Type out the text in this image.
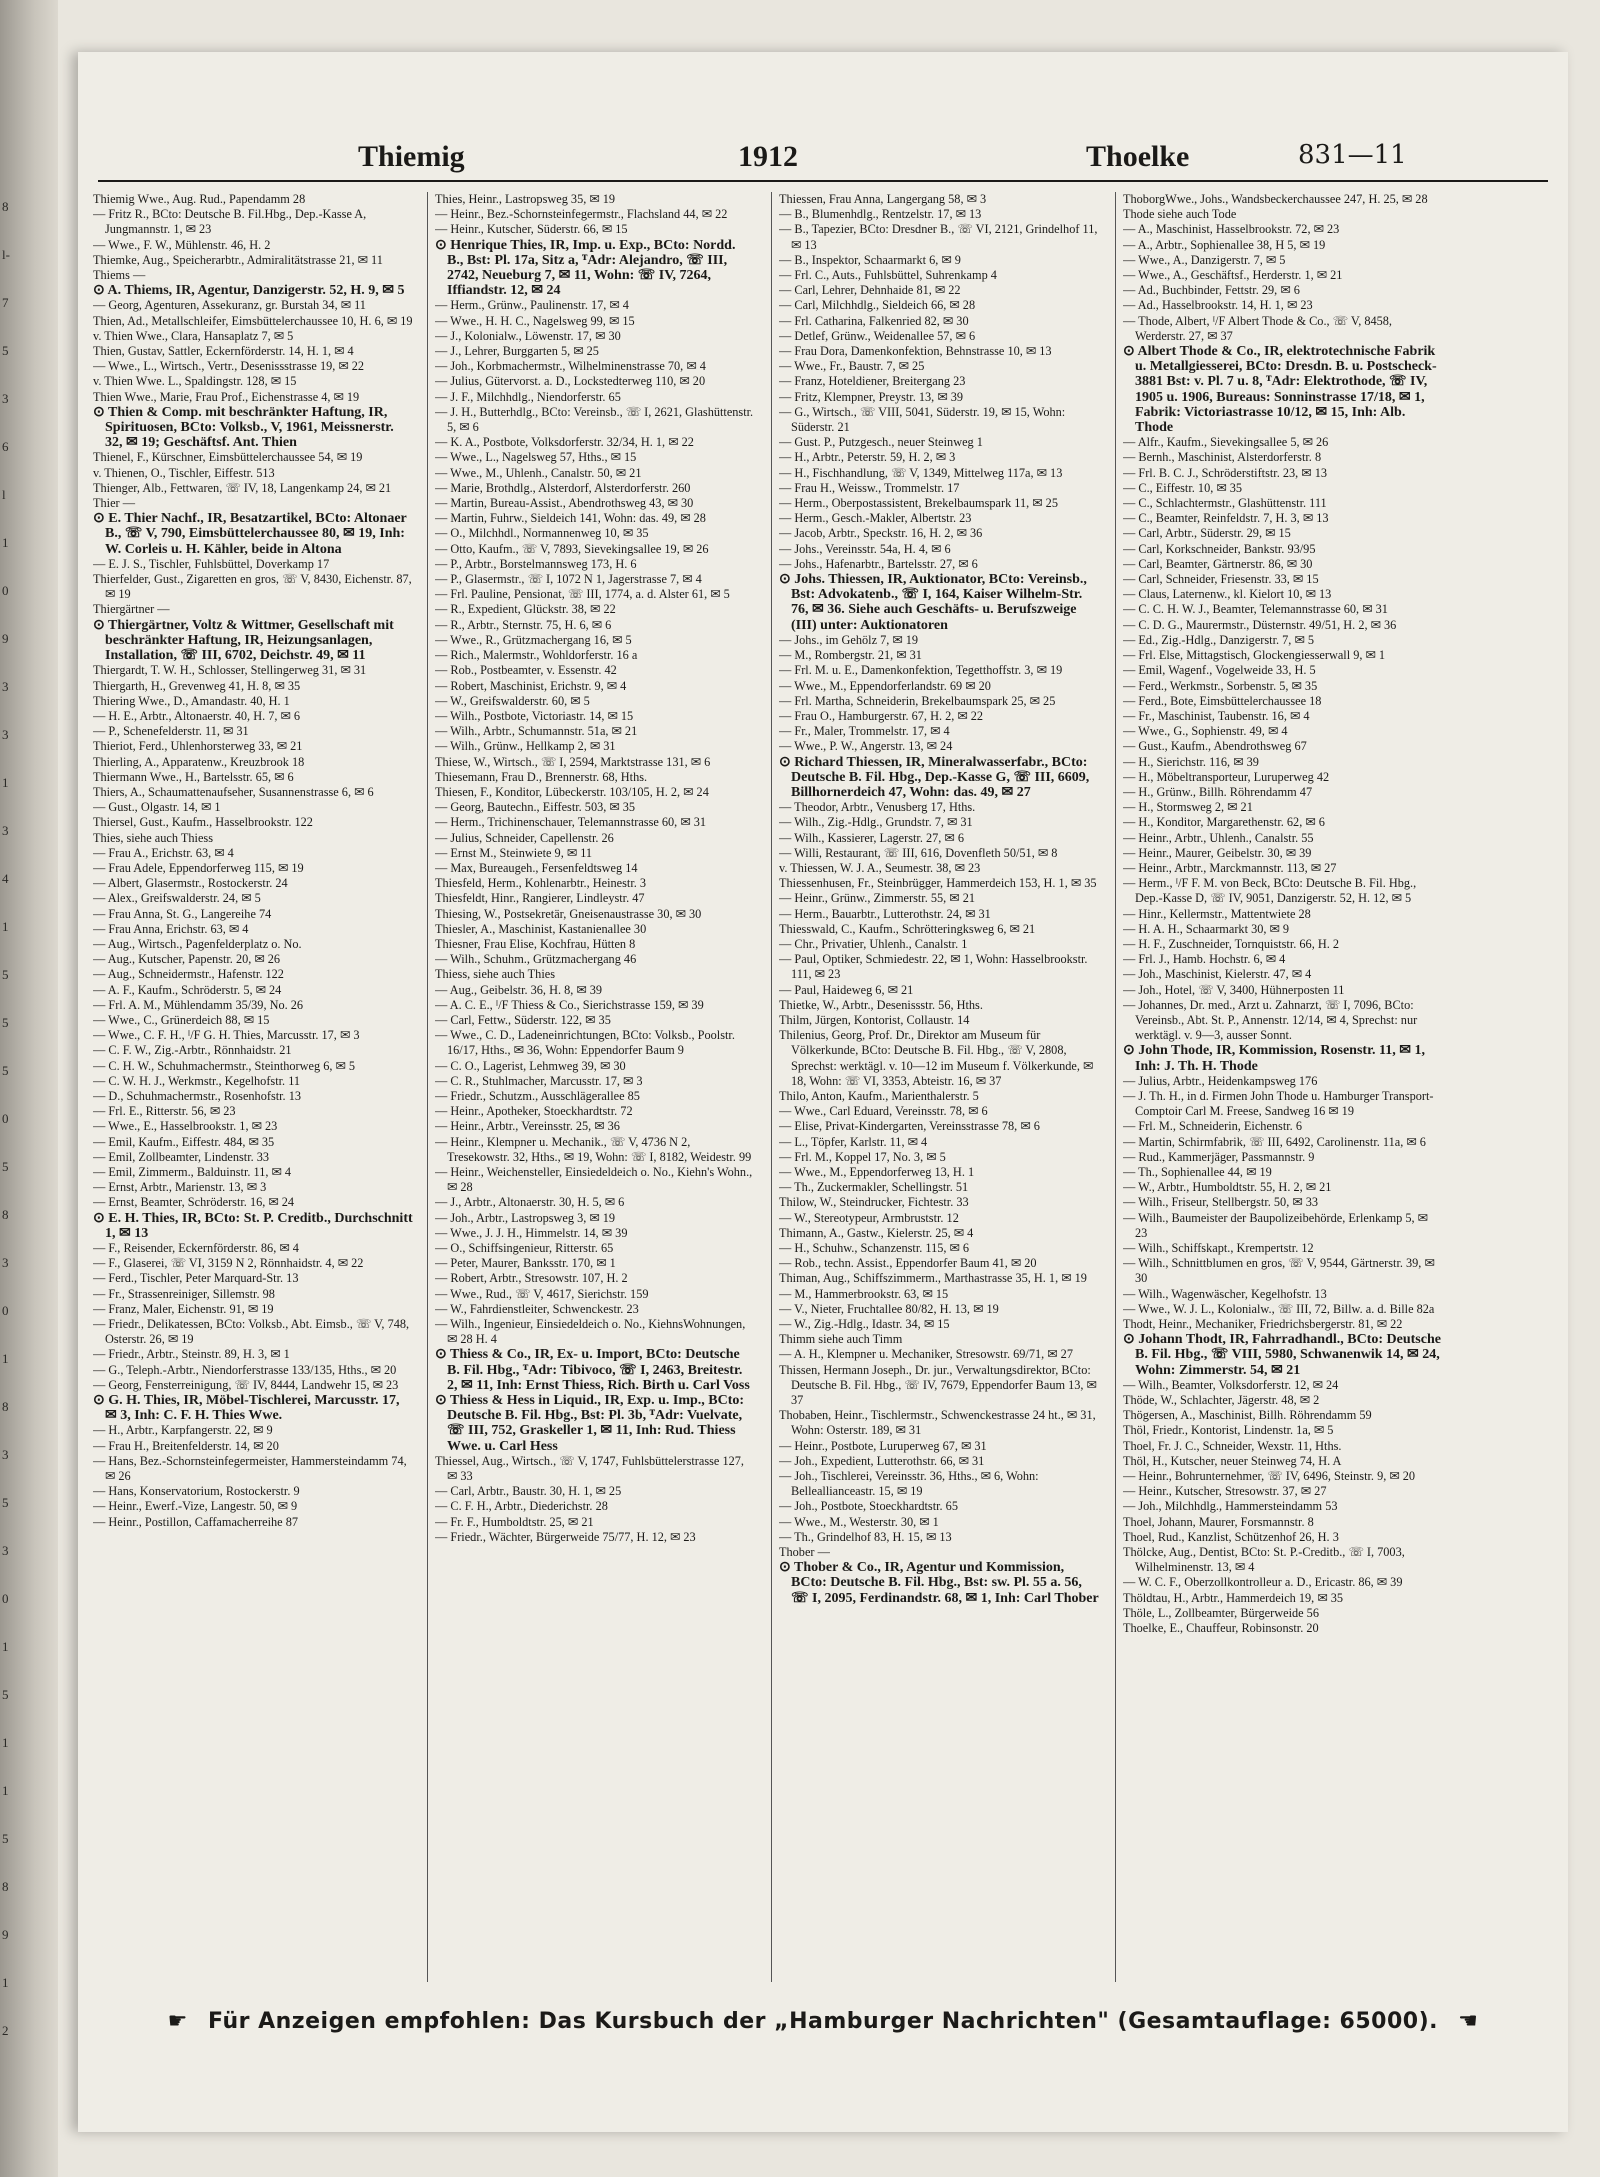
8
l-
7
5
3
6
l
1
0
9
3
3
1
3
4
1
5
5
5
0
5
8
3
0
1
8
3
5
3
0
1
5
1
1
5
8
9
1
2
Thiemig	1912	Thoelke	831—11

Thiemig Wwe., Aug. Rud., Papendamm 28

— Fritz R., BCto: Deutsche B. Fil.Hbg., Dep.-Kasse A, Jungmannstr. 1, ✉ 23

— Wwe., F. W., Mühlenstr. 46, H. 2

Thiemke, Aug., Speicherarbtr., Admiralitätstrasse 21, ✉ 11

Thiems —

⊙ A. Thiems, IR, Agentur, Danzigerstr. 52, H. 9, ✉ 5

— Georg, Agenturen, Assekuranz, gr. Burstah 34, ✉ 11

Thien, Ad., Metallschleifer, Eimsbüttelerchaussee 10, H. 6, ✉ 19

v. Thien Wwe., Clara, Hansaplatz 7, ✉ 5

Thien, Gustav, Sattler, Eckernförderstr. 14, H. 1, ✉ 4

— Wwe., L., Wirtsch., Vertr., Desenissstrasse 19, ✉ 22

v. Thien Wwe. L., Spaldingstr. 128, ✉ 15

Thien Wwe., Marie, Frau Prof., Eichenstrasse 4, ✉ 19

⊙ Thien & Comp. mit beschränkter Haftung, IR, Spirituosen, BCto: Volksb., V, 1961, Meissnerstr. 32, ✉ 19; Geschäftsf. Ant. Thien

Thienel, F., Kürschner, Eimsbüttelerchaussee 54, ✉ 19

v. Thienen, O., Tischler, Eiffestr. 513

Thienger, Alb., Fettwaren, ☏ IV, 18, Langenkamp 24, ✉ 21

Thier —

⊙ E. Thier Nachf., IR, Besatzartikel, BCto: Altonaer B., ☏ V, 790, Eimsbüttelerchaussee 80, ✉ 19, Inh: W. Corleis u. H. Kähler, beide in Altona

— E. J. S., Tischler, Fuhlsbüttel, Doverkamp 17

Thierfelder, Gust., Zigaretten en gros, ☏ V, 8430, Eichenstr. 87, ✉ 19

Thiergärtner —

⊙ Thiergärtner, Voltz & Wittmer, Gesellschaft mit beschränkter Haftung, IR, Heizungsanlagen, Installation, ☏ III, 6702, Deichstr. 49, ✉ 11

Thiergardt, T. W. H., Schlosser, Stellingerweg 31, ✉ 31

Thiergarth, H., Grevenweg 41, H. 8, ✉ 35

Thiering Wwe., D., Amandastr. 40, H. 1

— H. E., Arbtr., Altonaerstr. 40, H. 7, ✉ 6

— P., Schenefelderstr. 11, ✉ 31

Thieriot, Ferd., Uhlenhorsterweg 33, ✉ 21

Thierling, A., Apparatenw., Kreuzbrook 18

Thiermann Wwe., H., Bartelsstr. 65, ✉ 6

Thiers, A., Schaumattenaufseher, Susannenstrasse 6, ✉ 6

— Gust., Olgastr. 14, ✉ 1

Thiersel, Gust., Kaufm., Hasselbrookstr. 122

Thies, siehe auch Thiess

— Frau A., Erichstr. 63, ✉ 4

— Frau Adele, Eppendorferweg 115, ✉ 19

— Albert, Glasermstr., Rostockerstr. 24

— Alex., Greifswalderstr. 24, ✉ 5

— Frau Anna, St. G., Langereihe 74

— Frau Anna, Erichstr. 63, ✉ 4

— Aug., Wirtsch., Pagenfelderplatz o. No.

— Aug., Kutscher, Papenstr. 20, ✉ 26

— Aug., Schneidermstr., Hafenstr. 122

— A. F., Kaufm., Schröderstr. 5, ✉ 24

— Frl. A. M., Mühlendamm 35/39, No. 26

— Wwe., C., Grünerdeich 88, ✉ 15

— Wwe., C. F. H., ᴵ/F G. H. Thies, Marcusstr. 17, ✉ 3

— C. F. W., Zig.-Arbtr., Rönnhaidstr. 21

— C. H. W., Schuhmachermstr., Steinthorweg 6, ✉ 5

— C. W. H. J., Werkmstr., Kegelhofstr. 11

— D., Schuhmachermstr., Rosenhofstr. 13

— Frl. E., Ritterstr. 56, ✉ 23

— Wwe., E., Hasselbrookstr. 1, ✉ 23

— Emil, Kaufm., Eiffestr. 484, ✉ 35

— Emil, Zollbeamter, Lindenstr. 33

— Emil, Zimmerm., Balduinstr. 11, ✉ 4

— Ernst, Arbtr., Marienstr. 13, ✉ 3

— Ernst, Beamter, Schröderstr. 16, ✉ 24

⊙ E. H. Thies, IR, BCto: St. P. Creditb., Durchschnitt 1, ✉ 13

— F., Reisender, Eckernförderstr. 86, ✉ 4

— F., Glaserei, ☏ VI, 3159 N 2, Rönnhaidstr. 4, ✉ 22

— Ferd., Tischler, Peter Marquard-Str. 13

— Fr., Strassenreiniger, Sillemstr. 98

— Franz, Maler, Eichenstr. 91, ✉ 19

— Friedr., Delikatessen, BCto: Volksb., Abt. Eimsb., ☏ V, 748, Osterstr. 26, ✉ 19

— Friedr., Arbtr., Steinstr. 89, H. 3, ✉ 1

— G., Teleph.-Arbtr., Niendorferstrasse 133/135, Hths., ✉ 20

— Georg, Fensterreinigung, ☏ IV, 8444, Landwehr 15, ✉ 23

⊙ G. H. Thies, IR, Möbel-Tischlerei, Marcusstr. 17, ✉ 3, Inh: C. F. H. Thies Wwe.

— H., Arbtr., Karpfangerstr. 22, ✉ 9

— Frau H., Breitenfelderstr. 14, ✉ 20

— Hans, Bez.-Schornsteinfegermeister, Hammersteindamm 74, ✉ 26

— Hans, Konservatorium, Rostockerstr. 9

— Heinr., Ewerf.-Vize, Langestr. 50, ✉ 9

— Heinr., Postillon, Caffamacherreihe 87

Thies, Heinr., Lastropsweg 35, ✉ 19

— Heinr., Bez.-Schornsteinfegermstr., Flachsland 44, ✉ 22

— Heinr., Kutscher, Süderstr. 66, ✉ 15

⊙ Henrique Thies, IR, Imp. u. Exp., BCto: Nordd. B., Bst: Pl. 17a, Sitz a, ᵀAdr: Alejandro, ☏ III, 2742, Neueburg 7, ✉ 11, Wohn: ☏ IV, 7264, Iffiandstr. 12, ✉ 24

— Herm., Grünw., Paulinenstr. 17, ✉ 4

— Wwe., H. H. C., Nagelsweg 99, ✉ 15

— J., Kolonialw., Löwenstr. 17, ✉ 30

— J., Lehrer, Burggarten 5, ✉ 25

— Joh., Korbmachermstr., Wilhelminenstrasse 70, ✉ 4

— Julius, Gütervorst. a. D., Lockstedterweg 110, ✉ 20

— J. F., Milchhdlg., Niendorferstr. 65

— J. H., Butterhdlg., BCto: Vereinsb., ☏ I, 2621, Glashüttenstr. 5, ✉ 6

— K. A., Postbote, Volksdorferstr. 32/34, H. 1, ✉ 22

— Wwe., L., Nagelsweg 57, Hths., ✉ 15

— Wwe., M., Uhlenh., Canalstr. 50, ✉ 21

— Marie, Brothdlg., Alsterdorf, Alsterdorferstr. 260

— Martin, Bureau-Assist., Abendrothsweg 43, ✉ 30

— Martin, Fuhrw., Sieldeich 141, Wohn: das. 49, ✉ 28

— O., Milchhdl., Normannenweg 10, ✉ 35

— Otto, Kaufm., ☏ V, 7893, Sievekingsallee 19, ✉ 26

— P., Arbtr., Borstelmannsweg 173, H. 6

— P., Glasermstr., ☏ I, 1072 N 1, Jagerstrasse 7, ✉ 4

— Frl. Pauline, Pensionat, ☏ III, 1774, a. d. Alster 61, ✉ 5

— R., Expedient, Glückstr. 38, ✉ 22

— R., Arbtr., Sternstr. 75, H. 6, ✉ 6

— Wwe., R., Grützmachergang 16, ✉ 5

— Rich., Malermstr., Wohldorferstr. 16 a

— Rob., Postbeamter, v. Essenstr. 42

— Robert, Maschinist, Erichstr. 9, ✉ 4

— W., Greifswalderstr. 60, ✉ 5

— Wilh., Postbote, Victoriastr. 14, ✉ 15

— Wilh., Arbtr., Schumannstr. 51a, ✉ 21

— Wilh., Grünw., Hellkamp 2, ✉ 31

Thiese, W., Wirtsch., ☏ I, 2594, Marktstrasse 131, ✉ 6

Thiesemann, Frau D., Brennerstr. 68, Hths.

Thiesen, F., Konditor, Lübeckerstr. 103/105, H. 2, ✉ 24

— Georg, Bautechn., Eiffestr. 503, ✉ 35

— Herm., Trichinenschauer, Telemannstrasse 60, ✉ 31

— Julius, Schneider, Capellenstr. 26

— Ernst M., Steinwiete 9, ✉ 11

— Max, Bureaugeh., Fersenfeldtsweg 14

Thiesfeld, Herm., Kohlenarbtr., Heinestr. 3

Thiesfeldt, Hinr., Rangierer, Lindleystr. 47

Thiesing, W., Postsekretär, Gneisenaustrasse 30, ✉ 30

Thiesler, A., Maschinist, Kastanienallee 30

Thiesner, Frau Elise, Kochfrau, Hütten 8

— Wilh., Schuhm., Grützmachergang 46

Thiess, siehe auch Thies

— Aug., Geibelstr. 36, H. 8, ✉ 39

— A. C. E., ᴵ/F Thiess & Co., Sierichstrasse 159, ✉ 39

— Carl, Fettw., Süderstr. 122, ✉ 35

— Wwe., C. D., Ladeneinrichtungen, BCto: Volksb., Poolstr. 16/17, Hths., ✉ 36, Wohn: Eppendorfer Baum 9

— C. O., Lagerist, Lehmweg 39, ✉ 30

— C. R., Stuhlmacher, Marcusstr. 17, ✉ 3

— Friedr., Schutzm., Ausschlägerallee 85

— Heinr., Apotheker, Stoeckhardtstr. 72

— Heinr., Arbtr., Vereinsstr. 25, ✉ 36

— Heinr., Klempner u. Mechanik., ☏ V, 4736 N 2, Tresekowstr. 32, Hths., ✉ 19, Wohn: ☏ I, 8182, Weidestr. 99

— Heinr., Weichensteller, Einsiedeldeich o. No., Kiehn's Wohn., ✉ 28

— J., Arbtr., Altonaerstr. 30, H. 5, ✉ 6

— Joh., Arbtr., Lastropsweg 3, ✉ 19

— Wwe., J. J. H., Himmelstr. 14, ✉ 39

— O., Schiffsingenieur, Ritterstr. 65

— Peter, Maurer, Banksstr. 170, ✉ 1

— Robert, Arbtr., Stresowstr. 107, H. 2

— Wwe., Rud., ☏ V, 4617, Sierichstr. 159

— W., Fahrdienstleiter, Schwenckestr. 23

— Wilh., Ingenieur, Einsiedeldeich o. No., KiehnsWohnungen, ✉ 28 H. 4

⊙ Thiess & Co., IR, Ex- u. Import, BCto: Deutsche B. Fil. Hbg., ᵀAdr: Tibivoco, ☏ I, 2463, Breitestr. 2, ✉ 11, Inh: Ernst Thiess, Rich. Birth u. Carl Voss

⊙ Thiess & Hess in Liquid., IR, Exp. u. Imp., BCto: Deutsche B. Fil. Hbg., Bst: Pl. 3b, ᵀAdr: Vuelvate, ☏ III, 752, Graskeller 1, ✉ 11, Inh: Rud. Thiess Wwe. u. Carl Hess

Thiessel, Aug., Wirtsch., ☏ V, 1747, Fuhlsbüttelerstrasse 127, ✉ 33

— Carl, Arbtr., Baustr. 30, H. 1, ✉ 25

— C. F. H., Arbtr., Diederichstr. 28

— Fr. F., Humboldtstr. 25, ✉ 21

— Friedr., Wächter, Bürgerweide 75/77, H. 12, ✉ 23

Thiessen, Frau Anna, Langergang 58, ✉ 3

— B., Blumenhdlg., Rentzelstr. 17, ✉ 13

— B., Tapezier, BCto: Dresdner B., ☏ VI, 2121, Grindelhof 11, ✉ 13

— B., Inspektor, Schaarmarkt 6, ✉ 9

— Frl. C., Auts., Fuhlsbüttel, Suhrenkamp 4

— Carl, Lehrer, Dehnhaide 81, ✉ 22

— Carl, Milchhdlg., Sieldeich 66, ✉ 28

— Frl. Catharina, Falkenried 82, ✉ 30

— Detlef, Grünw., Weidenallee 57, ✉ 6

— Frau Dora, Damenkonfektion, Behnstrasse 10, ✉ 13

— Wwe., Fr., Baustr. 7, ✉ 25

— Franz, Hoteldiener, Breitergang 23

— Fritz, Klempner, Preystr. 13, ✉ 39

— G., Wirtsch., ☏ VIII, 5041, Süderstr. 19, ✉ 15, Wohn: Süderstr. 21

— Gust. P., Putzgesch., neuer Steinweg 1

— H., Arbtr., Peterstr. 59, H. 2, ✉ 3

— H., Fischhandlung, ☏ V, 1349, Mittelweg 117a, ✉ 13

— Frau H., Weissw., Trommelstr. 17

— Herm., Oberpostassistent, Brekelbaumspark 11, ✉ 25

— Herm., Gesch.-Makler, Albertstr. 23

— Jacob, Arbtr., Speckstr. 16, H. 2, ✉ 36

— Johs., Vereinsstr. 54a, H. 4, ✉ 6

— Johs., Hafenarbtr., Bartelsstr. 27, ✉ 6

⊙ Johs. Thiessen, IR, Auktionator, BCto: Vereinsb., Bst: Advokatenb., ☏ I, 164, Kaiser Wilhelm-Str. 76, ✉ 36. Siehe auch Geschäfts- u. Berufszweige (III) unter: Auktionatoren

— Johs., im Gehölz 7, ✉ 19

— M., Rombergstr. 21, ✉ 31

— Frl. M. u. E., Damenkonfektion, Tegetthoffstr. 3, ✉ 19

— Wwe., M., Eppendorferlandstr. 69 ✉ 20

— Frl. Martha, Schneiderin, Brekelbaumspark 25, ✉ 25

— Frau O., Hamburgerstr. 67, H. 2, ✉ 22

— Fr., Maler, Trommelstr. 17, ✉ 4

— Wwe., P. W., Angerstr. 13, ✉ 24

⊙ Richard Thiessen, IR, Mineralwasserfabr., BCto: Deutsche B. Fil. Hbg., Dep.-Kasse G, ☏ III, 6609, Billhornerdeich 47, Wohn: das. 49, ✉ 27

— Theodor, Arbtr., Venusberg 17, Hths.

— Wilh., Zig.-Hdlg., Grundstr. 7, ✉ 31

— Wilh., Kassierer, Lagerstr. 27, ✉ 6

— Willi, Restaurant, ☏ III, 616, Dovenfleth 50/51, ✉ 8

v. Thiessen, W. J. A., Seumestr. 38, ✉ 23

Thiessenhusen, Fr., Steinbrügger, Hammerdeich 153, H. 1, ✉ 35

— Heinr., Grünw., Zimmerstr. 55, ✉ 21

— Herm., Bauarbtr., Lutterothstr. 24, ✉ 31

Thiesswald, C., Kaufm., Schrötteringksweg 6, ✉ 21

— Chr., Privatier, Uhlenh., Canalstr. 1

— Paul, Optiker, Schmiedestr. 22, ✉ 1, Wohn: Hasselbrookstr. 111, ✉ 23

— Paul, Haideweg 6, ✉ 21

Thietke, W., Arbtr., Desenissstr. 56, Hths.

Thilm, Jürgen, Kontorist, Collaustr. 14

Thilenius, Georg, Prof. Dr., Direktor am Museum für Völkerkunde, BCto: Deutsche B. Fil. Hbg., ☏ V, 2808, Sprechst: werktägl. v. 10—12 im Museum f. Völkerkunde, ✉ 18, Wohn: ☏ VI, 3353, Abteistr. 16, ✉ 37

Thilo, Anton, Kaufm., Marienthalerstr. 5

— Wwe., Carl Eduard, Vereinsstr. 78, ✉ 6

— Elise, Privat-Kindergarten, Vereinsstrasse 78, ✉ 6

— L., Töpfer, Karlstr. 11, ✉ 4

— Frl. M., Koppel 17, No. 3, ✉ 5

— Wwe., M., Eppendorferweg 13, H. 1

— Th., Zuckermakler, Schellingstr. 51

Thilow, W., Steindrucker, Fichtestr. 33

— W., Stereotypeur, Armbruststr. 12

Thimann, A., Gastw., Kielerstr. 25, ✉ 4

— H., Schuhw., Schanzenstr. 115, ✉ 6

— Rob., techn. Assist., Eppendorfer Baum 41, ✉ 20

Thiman, Aug., Schiffszimmerm., Marthastrasse 35, H. 1, ✉ 19

— M., Hammerbrookstr. 63, ✉ 15

— V., Nieter, Fruchtallee 80/82, H. 13, ✉ 19

— W., Zig.-Hdlg., Idastr. 34, ✉ 15

Thimm siehe auch Timm

— A. H., Klempner u. Mechaniker, Stresowstr. 69/71, ✉ 27

Thissen, Hermann Joseph., Dr. jur., Verwaltungsdirektor, BCto: Deutsche B. Fil. Hbg., ☏ IV, 7679, Eppendorfer Baum 13, ✉ 37

Thobaben, Heinr., Tischlermstr., Schwenckestrasse 24 ht., ✉ 31, Wohn: Osterstr. 189, ✉ 31

— Heinr., Postbote, Luruperweg 67, ✉ 31

— Joh., Expedient, Lutterothstr. 66, ✉ 31

— Joh., Tischlerei, Vereinsstr. 36, Hths., ✉ 6, Wohn: Belleallianceastr. 15, ✉ 19

— Joh., Postbote, Stoeckhardtstr. 65

— Wwe., M., Westerstr. 30, ✉ 1

— Th., Grindelhof 83, H. 15, ✉ 13

Thober —

⊙ Thober & Co., IR, Agentur und Kommission, BCto: Deutsche B. Fil. Hbg., Bst: sw. Pl. 55 a. 56, ☏ I, 2095, Ferdinandstr. 68, ✉ 1, Inh: Carl Thober

ThoborgWwe., Johs., Wandsbeckerchaussee 247, H. 25, ✉ 28

Thode siehe auch Tode

— A., Maschinist, Hasselbrookstr. 72, ✉ 23

— A., Arbtr., Sophienallee 38, H 5, ✉ 19

— Wwe., A., Danzigerstr. 7, ✉ 5

— Wwe., A., Geschäftsf., Herderstr. 1, ✉ 21

— Ad., Buchbinder, Fettstr. 29, ✉ 6

— Ad., Hasselbrookstr. 14, H. 1, ✉ 23

— Thode, Albert, ᴵ/F Albert Thode & Co., ☏ V, 8458, Werderstr. 27, ✉ 37

⊙ Albert Thode & Co., IR, elektrotechnische Fabrik u. Metallgiesserei, BCto: Dresdn. B. u. Postscheck- 3881 Bst: v. Pl. 7 u. 8, ᵀAdr: Elektrothode, ☏ IV, 1905 u. 1906, Bureaus: Sonninstrasse 17/18, ✉ 1, Fabrik: Victoriastrasse 10/12, ✉ 15, Inh: Alb. Thode

— Alfr., Kaufm., Sievekingsallee 5, ✉ 26

— Bernh., Maschinist, Alsterdorferstr. 8

— Frl. B. C. J., Schröderstiftstr. 23, ✉ 13

— C., Eiffestr. 10, ✉ 35

— C., Schlachtermstr., Glashüttenstr. 111

— C., Beamter, Reinfeldstr. 7, H. 3, ✉ 13

— Carl, Arbtr., Süderstr. 29, ✉ 15

— Carl, Korkschneider, Bankstr. 93/95

— Carl, Beamter, Gärtnerstr. 86, ✉ 30

— Carl, Schneider, Friesenstr. 33, ✉ 15

— Claus, Laternenw., kl. Kielort 10, ✉ 13

— C. C. H. W. J., Beamter, Telemannstrasse 60, ✉ 31

— C. D. G., Maurermstr., Düsternstr. 49/51, H. 2, ✉ 36

— Ed., Zig.-Hdlg., Danzigerstr. 7, ✉ 5

— Frl. Else, Mittagstisch, Glockengiesserwall 9, ✉ 1

— Emil, Wagenf., Vogelweide 33, H. 5

— Ferd., Werkmstr., Sorbenstr. 5, ✉ 35

— Ferd., Bote, Eimsbüttelerchaussee 18

— Fr., Maschinist, Taubenstr. 16, ✉ 4

— Wwe., G., Sophienstr. 49, ✉ 4

— Gust., Kaufm., Abendrothsweg 67

— H., Sierichstr. 116, ✉ 39

— H., Möbeltransporteur, Luruperweg 42

— H., Grünw., Billh. Röhrendamm 47

— H., Stormsweg 2, ✉ 21

— H., Konditor, Margarethenstr. 62, ✉ 6

— Heinr., Arbtr., Uhlenh., Canalstr. 55

— Heinr., Maurer, Geibelstr. 30, ✉ 39

— Heinr., Arbtr., Marckmannstr. 113, ✉ 27

— Herm., ᴵ/F F. M. von Beck, BCto: Deutsche B. Fil. Hbg., Dep.-Kasse D, ☏ IV, 9051, Danzigerstr. 52, H. 12, ✉ 5

— Hinr., Kellermstr., Mattentwiete 28

— H. A. H., Schaarmarkt 30, ✉ 9

— H. F., Zuschneider, Tornquiststr. 66, H. 2

— Frl. J., Hamb. Hochstr. 6, ✉ 4

— Joh., Maschinist, Kielerstr. 47, ✉ 4

— Joh., Hotel, ☏ V, 3400, Hühnerposten 11

— Johannes, Dr. med., Arzt u. Zahnarzt, ☏ I, 7096, BCto: Vereinsb., Abt. St. P., Annenstr. 12/14, ✉ 4, Sprechst: nur werktägl. v. 9—3, ausser Sonnt.

⊙ John Thode, IR, Kommission, Rosenstr. 11, ✉ 1, Inh: J. Th. H. Thode

— Julius, Arbtr., Heidenkampsweg 176

— J. Th. H., in d. Firmen John Thode u. Hamburger Transport-Comptoir Carl M. Freese, Sandweg 16 ✉ 19

— Frl. M., Schneiderin, Eichenstr. 6

— Martin, Schirmfabrik, ☏ III, 6492, Carolinenstr. 11a, ✉ 6

— Rud., Kammerjäger, Passmannstr. 9

— Th., Sophienallee 44, ✉ 19

— W., Arbtr., Humboldtstr. 55, H. 2, ✉ 21

— Wilh., Friseur, Stellbergstr. 50, ✉ 33

— Wilh., Baumeister der Baupolizeibehörde, Erlenkamp 5, ✉ 23

— Wilh., Schiffskapt., Krempertstr. 12

— Wilh., Schnittblumen en gros, ☏ V, 9544, Gärtnerstr. 39, ✉ 30

— Wilh., Wagenwäscher, Kegelhofstr. 13

— Wwe., W. J. L., Kolonialw., ☏ III, 72, Billw. a. d. Bille 82a

Thodt, Heinr., Mechaniker, Friedrichsbergerstr. 81, ✉ 22

⊙ Johann Thodt, IR, Fahrradhandl., BCto: Deutsche B. Fil. Hbg., ☏ VIII, 5980, Schwanenwik 14, ✉ 24, Wohn: Zimmerstr. 54, ✉ 21

— Wilh., Beamter, Volksdorferstr. 12, ✉ 24

Thöde, W., Schlachter, Jägerstr. 48, ✉ 2

Thögersen, A., Maschinist, Billh. Röhrendamm 59

Thöl, Friedr., Kontorist, Lindenstr. 1a, ✉ 5

Thoel, Fr. J. C., Schneider, Wexstr. 11, Hths.

Thöl, H., Kutscher, neuer Steinweg 74, H. A

— Heinr., Bohrunternehmer, ☏ IV, 6496, Steinstr. 9, ✉ 20

— Heinr., Kutscher, Stresowstr. 37, ✉ 27

— Joh., Milchhdlg., Hammersteindamm 53

Thoel, Johann, Maurer, Forsmannstr. 8

Thoel, Rud., Kanzlist, Schützenhof 26, H. 3

Thölcke, Aug., Dentist, BCto: St. P.-Creditb., ☏ I, 7003, Wilhelminenstr. 13, ✉ 4

— W. C. F., Oberzollkontrolleur a. D., Ericastr. 86, ✉ 39

Thöldtau, H., Arbtr., Hammerdeich 19, ✉ 35

Thöle, L., Zollbeamter, Bürgerweide 56

Thoelke, E., Chauffeur, Robinsonstr. 20

☛ Für Anzeigen empfohlen: Das Kursbuch der „Hamburger Nachrichten" (Gesamtauflage: 65000). ☚
